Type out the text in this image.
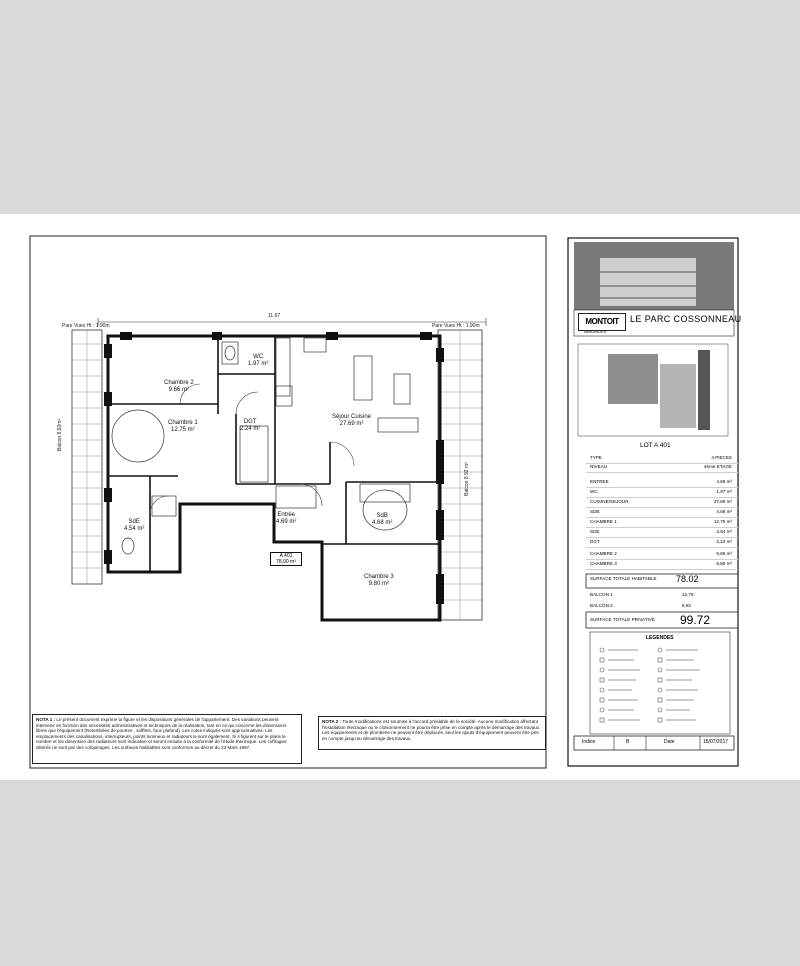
11.67
Pare Vues Ht : 1.90m	Pare Vues Ht : 1.90m
Balcon 8.92m²
Balcon 8.92 m²
Chambre 2
9.66 m²
WC
1.97 m²
Chambre 1
12.75 m²
DGT
2.24 m²
Séjour Cuisine
27.69 m²
SdE
4.54 m²
Entrée
4.69 m²
SdB
4.68 m²
Chambre 3
9.80 m²
A 401
78.00 m²
NOTA 1 : Le présent document exprime la figure et les dispositions générales de l'appartement. Des variations peuvent intervenir en fonction des nécessités administratives et techniques de la réalisation, tant en ce qui concerne les dimensions libres que l'équipement (Retombées de poutres , soffites, faux plafond). Les cotes indiqués sont approximatives. Les emplacements des canalisations, interrupteurs, points lumineux et radiateurs le sont également. Si il figurent sur le plans le nombre et les dimension des radiateurs sont indicative et seront ensuite à la conformité de l'étude thermique. Les coffrages désirés ne sont par des colopinages. Les surfaces habitables sont conformes au décret du 23 Mars 1997.
NOTA 2 : Toute modifications est soumise à l'accord préalable de la société. Aucune modification affectant l'installation électrique ou le cloisonnement ne pourra être prise en compte après le démarrage des travaux. Les équipements et de plomberie ne peuvent être déplacés, seul les ajouts d'équipement peuvent être pris en compte jusqu'au démarrage des travaux.
MONTOIT
IMMOBILIER
LE PARC COSSONNEAU
LOT A 401
TYPE	4 PIECES
NIVEAU	4ème ETAGE
ENTREE	4,69 m²
WC	1,97 m²
CUISINE/SEJOUR	27,69 m²
SDB	4,68 m²
CHAMBRE 1	12,75 m²
SDE	4,54 m²
DGT	2,24 m²
CHAMBRE 2	9,66 m²
CHAMBRE 3	9,80 m²
SURFACE TOTALE HABITABLE 78.02
BALCON 1	12,78
BALCON 2	8,92
SURFACE TOTALE PRIVATIVE 99.72
LEGENDES
Indice	B	Date	15/07/2017
